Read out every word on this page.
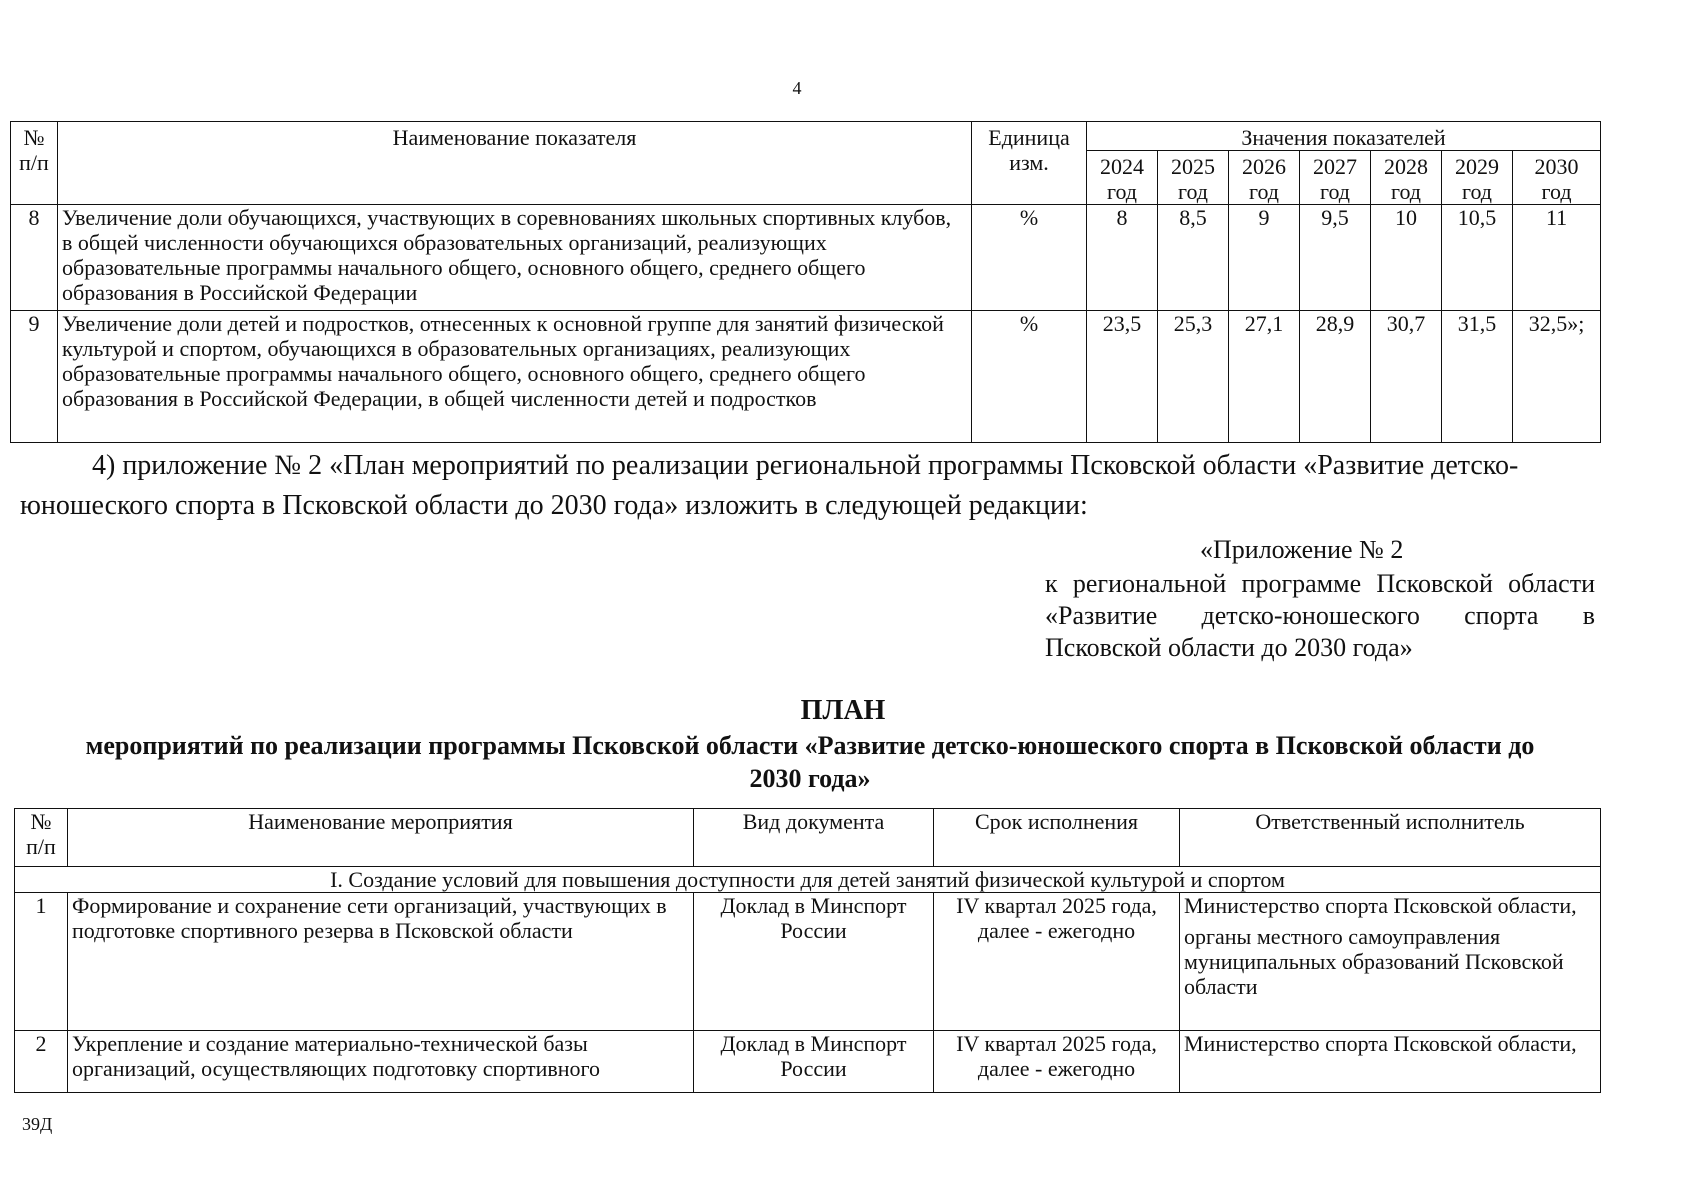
4
№ п/п	Наименование показателя	Единица изм.	Значения показателей						
			2024 год	2025 год	2026 год	2027 год	2028 год	2029 год	2030 год
8	Увеличение доли обучающихся, участвующих в соревнованиях школьных спортивных клубов, в общей численности обучающихся образовательных организаций, реализующих образовательные программы начального общего, основного общего, среднего общего образования в Российской Федерации	%	8	8,5	9	9,5	10	10,5	11
9	Увеличение доли детей и подростков, отнесенных к основной группе для занятий физической культурой и спортом, обучающихся в образовательных организациях, реализующих образовательные программы начального общего, основного общего, среднего общего образования в Российской Федерации, в общей численности детей и подростков	%	23,5	25,3	27,1	28,9	30,7	31,5	32,5»;
4) приложение № 2 «План мероприятий по реализации региональной программы Псковской области «Развитие детско-юношеского спорта в Псковской области до 2030 года» изложить в следующей редакции:
«Приложение № 2
к региональной программе Псковской области «Развитие детско-юношеского спорта в Псковской области до 2030 года»
ПЛАН
мероприятий по реализации программы Псковской области «Развитие детско-юношеского спорта в Псковской области до 2030 года»
№ п/п	Наименование мероприятия	Вид документа	Срок исполнения	Ответственный исполнитель
I. Создание условий для повышения доступности для детей занятий физической культурой и спортом				
1	Формирование и сохранение сети организаций, участвующих в подготовке спортивного резерва в Псковской области	Доклад в Минспорт России	IV квартал 2025 года, далее - ежегодно	Министерство спорта Псковской области,
органы местного самоуправления муниципальных образований Псковской области

2	Укрепление и создание материально-технической базы организаций, осуществляющих подготовку спортивного	Доклад в Минспорт России	IV квартал 2025 года, далее - ежегодно	Министерство спорта Псковской области,
39Д
